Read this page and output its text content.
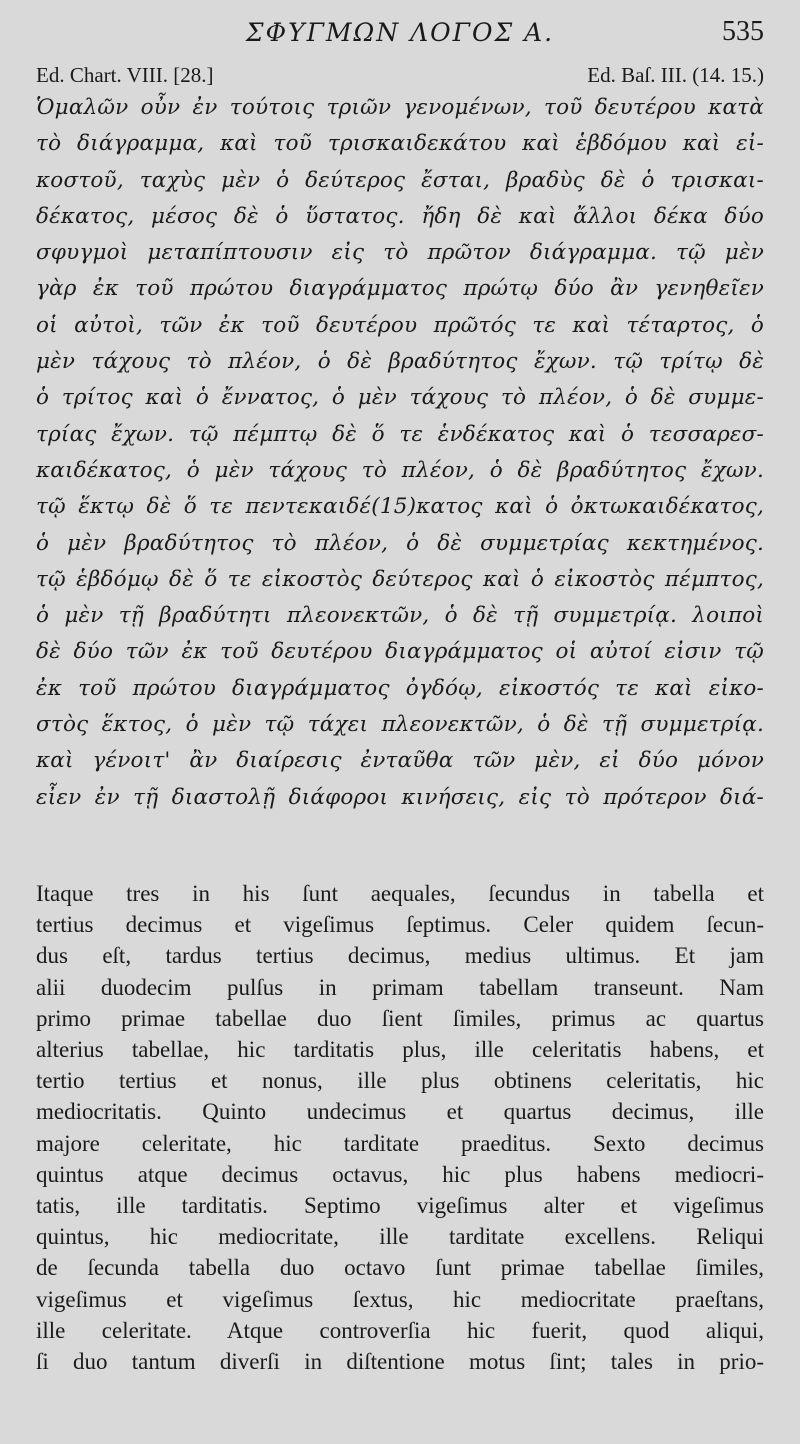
ΣΦΥΓΜΩΝ ΛΟΓΟΣ Α.	535
Ed. Chart. VIII. [28.]	Ed. Baſ. III. (14. 15.)
Ὁμαλῶν οὖν ἐν τούτοις τριῶν γενομένων, τοῦ δευτέρου κατὰ
τὸ διάγραμμα, καὶ τοῦ τρισκαιδεκάτου καὶ ἑβδόμου καὶ εἰ-
κοστοῦ, ταχὺς μὲν ὁ δεύτερος ἔσται, βραδὺς δὲ ὁ τρισκαι-
δέκατος, μέσος δὲ ὁ ὕστατος. ἤδη δὲ καὶ ἄλλοι δέκα δύο
σφυγμοὶ μεταπίπτουσιν εἰς τὸ πρῶτον διάγραμμα. τῷ μὲν
γὰρ ἐκ τοῦ πρώτου διαγράμματος πρώτῳ δύο ἂν γενηθεῖεν
οἱ αὐτοὶ, τῶν ἐκ τοῦ δευτέρου πρῶτός τε καὶ τέταρτος, ὁ
μὲν τάχους τὸ πλέον, ὁ δὲ βραδύτητος ἔχων. τῷ τρίτῳ δὲ
ὁ τρίτος καὶ ὁ ἔννατος, ὁ μὲν τάχους τὸ πλέον, ὁ δὲ συμμε-
τρίας ἔχων. τῷ πέμπτῳ δὲ ὅ τε ἑνδέκατος καὶ ὁ τεσσαρεσ-
καιδέκατος, ὁ μὲν τάχους τὸ πλέον, ὁ δὲ βραδύτητος ἔχων.
τῷ ἕκτῳ δὲ ὅ τε πεντεκαιδέ(15)κατος καὶ ὁ ὀκτωκαιδέκατος,
ὁ μὲν βραδύτητος τὸ πλέον, ὁ δὲ συμμετρίας κεκτημένος.
τῷ ἑβδόμῳ δὲ ὅ τε εἰκοστὸς δεύτερος καὶ ὁ εἰκοστὸς πέμπτος,
ὁ μὲν τῇ βραδύτητι πλεονεκτῶν, ὁ δὲ τῇ συμμετρίᾳ. λοιποὶ
δὲ δύο τῶν ἐκ τοῦ δευτέρου διαγράμματος οἱ αὐτοί εἰσιν τῷ
ἐκ τοῦ πρώτου διαγράμματος ὀγδόῳ, εἰκοστός τε καὶ εἰκο-
στὸς ἕκτος, ὁ μὲν τῷ τάχει πλεονεκτῶν, ὁ δὲ τῇ συμμετρίᾳ.
καὶ γένοιτ' ἂν διαίρεσις ἐνταῦθα τῶν μὲν, εἰ δύο μόνον
εἶεν ἐν τῇ διαστολῇ διάφοροι κινήσεις, εἰς τὸ πρότερον διά-
Itaque tres in his ſunt aequales, ſecundus in tabella et
tertius decimus et vigeſimus ſeptimus. Celer quidem ſecun-
dus eſt, tardus tertius decimus, medius ultimus. Et jam
alii duodecim pulſus in primam tabellam transeunt. Nam
primo primae tabellae duo ſient ſimiles, primus ac quartus
alterius tabellae, hic tarditatis plus, ille celeritatis habens, et
tertio tertius et nonus, ille plus obtinens celeritatis, hic
mediocritatis. Quinto undecimus et quartus decimus, ille
majore celeritate, hic tarditate praeditus. Sexto decimus
quintus atque decimus octavus, hic plus habens mediocri-
tatis, ille tarditatis. Septimo vigeſimus alter et vigeſimus
quintus, hic mediocritate, ille tarditate excellens. Reliqui
de ſecunda tabella duo octavo ſunt primae tabellae ſimiles,
vigeſimus et vigeſimus ſextus, hic mediocritate praeſtans,
ille celeritate. Atque controverſia hic fuerit, quod aliqui,
ſi duo tantum diverſi in diſtentione motus ſint; tales in prio-
